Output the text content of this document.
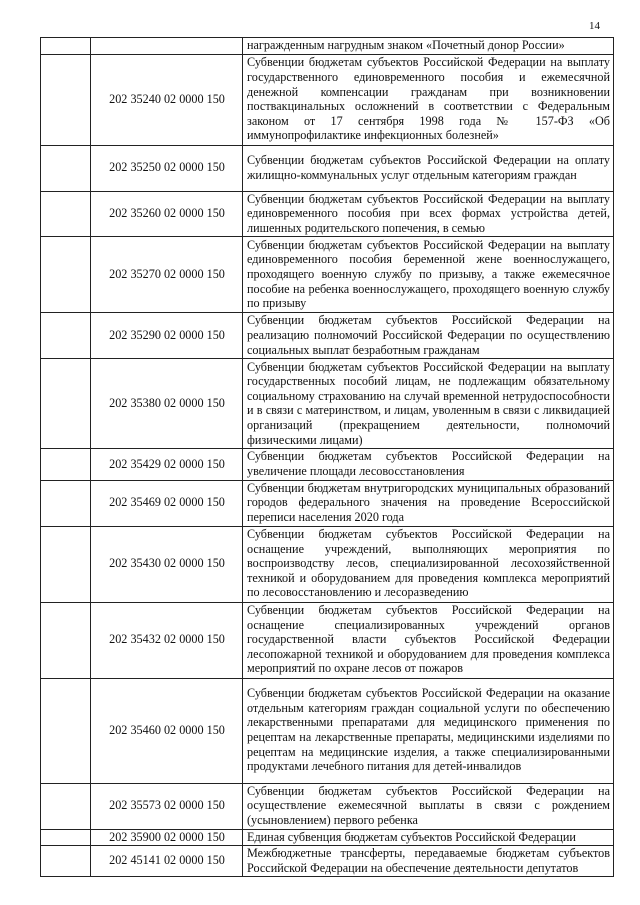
14
		награжденным нагрудным знаком «Почетный донор России»
	202 35240 02 0000 150	Субвенции бюджетам субъектов Российской Федерации на выплату государственного единовременного пособия и ежемесячной денежной компенсации гражданам при возникновении поствакцинальных осложнений в соответствии с Федеральным законом от 17 сентября 1998 года № 157-ФЗ «Об иммунопрофилактике инфекционных болезней»
	202 35250 02 0000 150	Субвенции бюджетам субъектов Российской Федерации на оплату жилищно-коммунальных услуг отдельным категориям граждан
	202 35260 02 0000 150	Субвенции бюджетам субъектов Российской Федерации на выплату единовременного пособия при всех формах устройства детей, лишенных родительского попечения, в семью
	202 35270 02 0000 150	Субвенции бюджетам субъектов Российской Федерации на выплату единовременного пособия беременной жене военнослужащего, проходящего военную службу по призыву, а также ежемесячное пособие на ребенка военнослужащего, проходящего военную службу по призыву
	202 35290 02 0000 150	Субвенции бюджетам субъектов Российской Федерации на реализацию полномочий Российской Федерации по осуществлению социальных выплат безработным гражданам
	202 35380 02 0000 150	Субвенции бюджетам субъектов Российской Федерации на выплату государственных пособий лицам, не подлежащим обязательному социальному страхованию на случай временной нетрудоспособности и в связи с материнством, и лицам, уволенным в связи с ликвидацией организаций (прекращением деятельности, полномочий физическими лицами)
	202 35429 02 0000 150	Субвенции бюджетам субъектов Российской Федерации на увеличение площади лесовосстановления
	202 35469 02 0000 150	Субвенции бюджетам внутригородских муниципальных образований городов федерального значения на проведение Всероссийской переписи населения 2020 года
	202 35430 02 0000 150	Субвенции бюджетам субъектов Российской Федерации на оснащение учреждений, выполняющих мероприятия по воспроизводству лесов, специализированной лесохозяйственной техникой и оборудованием для проведения комплекса мероприятий по лесовосстановлению и лесоразведению
	202 35432 02 0000 150	Субвенции бюджетам субъектов Российской Федерации на оснащение специализированных учреждений органов государственной власти субъектов Российской Федерации лесопожарной техникой и оборудованием для проведения комплекса мероприятий по охране лесов от пожаров
	202 35460 02 0000 150	Субвенции бюджетам субъектов Российской Федерации на оказание отдельным категориям граждан социальной услуги по обеспечению лекарственными препаратами для медицинского применения по рецептам на лекарственные препараты, медицинскими изделиями по рецептам на медицинские изделия, а также специализированными продуктами лечебного питания для детей-инвалидов
	202 35573 02 0000 150	Субвенции бюджетам субъектов Российской Федерации на осуществление ежемесячной выплаты в связи с рождением (усыновлением) первого ребенка
	202 35900 02 0000 150	Единая субвенция бюджетам субъектов Российской Федерации
	202 45141 02 0000 150	Межбюджетные трансферты, передаваемые бюджетам субъектов Российской Федерации на обеспечение деятельности депутатов
